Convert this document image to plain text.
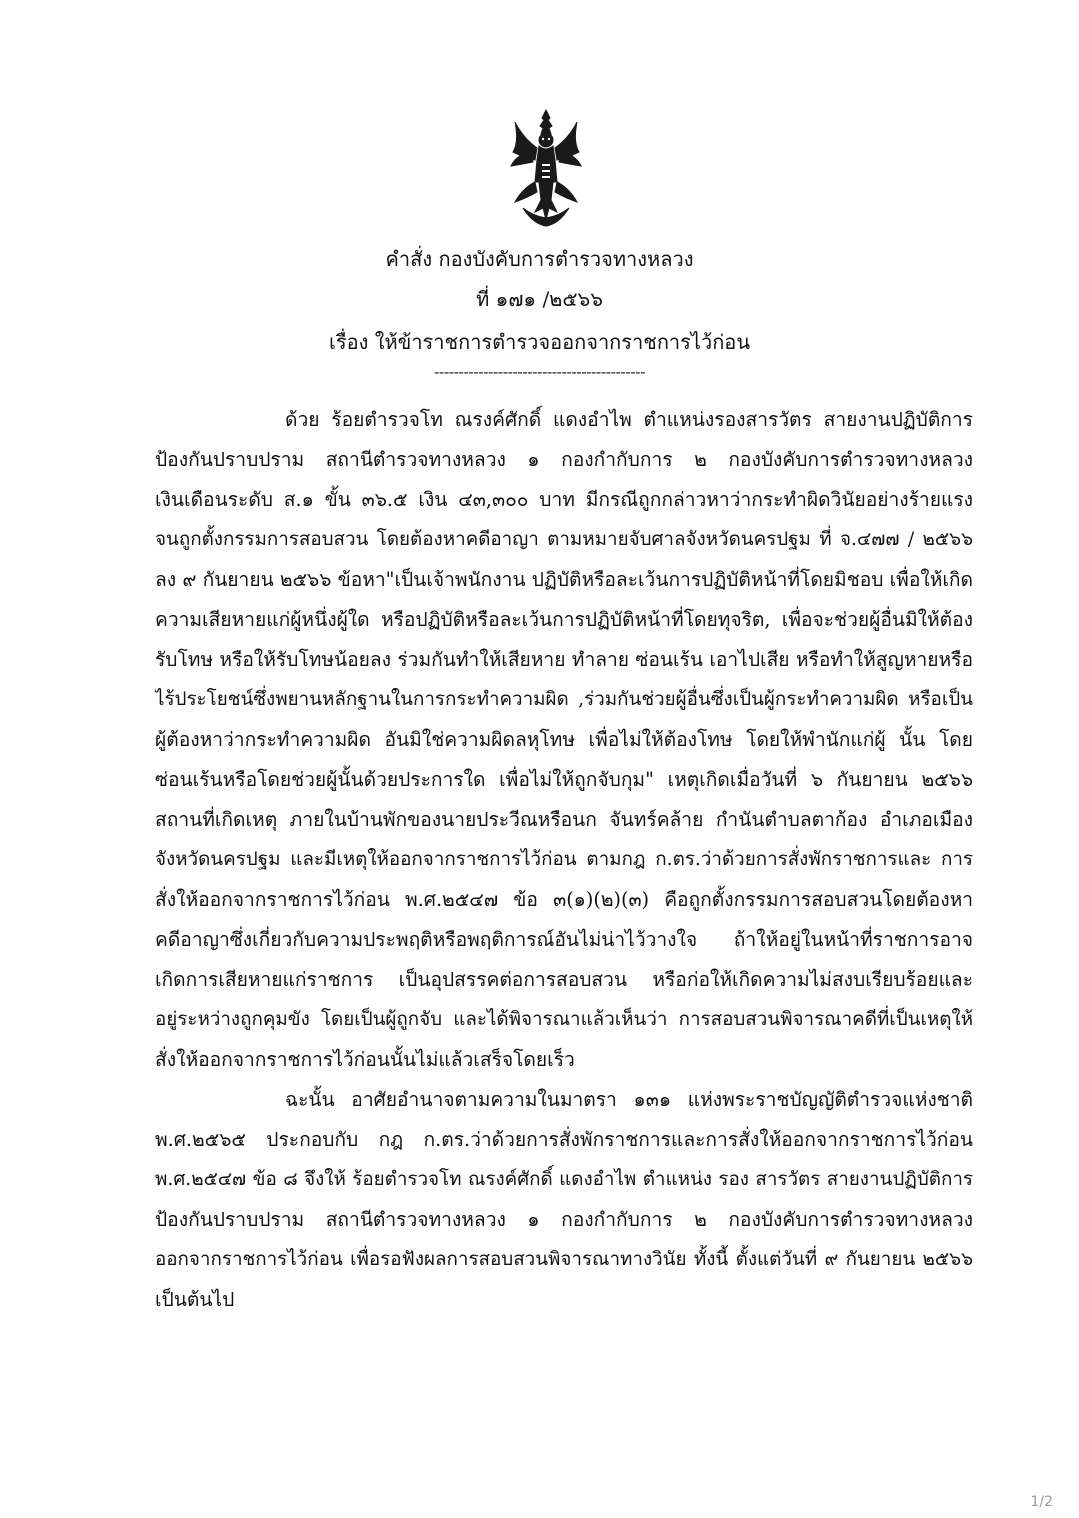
คำสั่ง กองบังคับการตำรวจทางหลวง
ที่ ๑๗๑ /๒๕๖๖
เรื่อง ให้ข้าราชการตำรวจออกจากราชการไว้ก่อน
-------------------------------------------
ด้วย ร้อยตำรวจโท ณรงค์ศักดิ์ แดงอำไพ ตำแหน่งรองสารวัตร สายงานปฏิบัติการ
ป้องกันปราบปราม สถานีตำรวจทางหลวง ๑ กองกำกับการ ๒ กองบังคับการตำรวจทางหลวง
เงินเดือนระดับ ส.๑ ขั้น ๓๖.๕ เงิน ๔๓,๓๐๐ บาท มีกรณีถูกกล่าวหาว่ากระทำผิดวินัยอย่างร้ายแรง
จนถูกตั้งกรรมการสอบสวน โดยต้องหาคดีอาญา ตามหมายจับศาลจังหวัดนครปฐม ที่ จ.๔๗๗ / ๒๕๖๖
ลง ๙ กันยายน ๒๕๖๖ ข้อหา"เป็นเจ้าพนักงาน ปฏิบัติหรือละเว้นการปฏิบัติหน้าที่โดยมิชอบ เพื่อให้เกิด
ความเสียหายแก่ผู้หนึ่งผู้ใด หรือปฏิบัติหรือละเว้นการปฏิบัติหน้าที่โดยทุจริต, เพื่อจะช่วยผู้อื่นมิให้ต้อง
รับโทษ หรือให้รับโทษน้อยลง ร่วมกันทำให้เสียหาย ทำลาย ซ่อนเร้น เอาไปเสีย หรือทำให้สูญหายหรือ
ไร้ประโยชน์ซึ่งพยานหลักฐานในการกระทำความผิด ,ร่วมกันช่วยผู้อื่นซึ่งเป็นผู้กระทำความผิด หรือเป็น
ผู้ต้องหาว่ากระทำความผิด อันมิใช่ความผิดลหุโทษ เพื่อไม่ให้ต้องโทษ โดยให้พำนักแก่ผู้ นั้น โดย
ซ่อนเร้นหรือโดยช่วยผู้นั้นด้วยประการใด เพื่อไม่ให้ถูกจับกุม" เหตุเกิดเมื่อวันที่ ๖ กันยายน ๒๕๖๖
สถานที่เกิดเหตุ ภายในบ้านพักของนายประวีณหรือนก จันทร์คล้าย กำนันตำบลตาก้อง อำเภอเมือง
จังหวัดนครปฐม และมีเหตุให้ออกจากราชการไว้ก่อน ตามกฎ ก.ตร.ว่าด้วยการสั่งพักราชการและ การ
สั่งให้ออกจากราชการไว้ก่อน พ.ศ.๒๕๔๗ ข้อ ๓(๑)(๒)(๓) คือถูกตั้งกรรมการสอบสวนโดยต้องหา
คดีอาญาซึ่งเกี่ยวกับความประพฤติหรือพฤติการณ์อันไม่น่าไว้วางใจ ถ้าให้อยู่ในหน้าที่ราชการอาจ
เกิดการเสียหายแก่ราชการ เป็นอุปสรรคต่อการสอบสวน หรือก่อให้เกิดความไม่สงบเรียบร้อยและ
อยู่ระหว่างถูกคุมขัง โดยเป็นผู้ถูกจับ และได้พิจารณาแล้วเห็นว่า การสอบสวนพิจารณาคดีที่เป็นเหตุให้
สั่งให้ออกจากราชการไว้ก่อนนั้นไม่แล้วเสร็จโดยเร็ว
ฉะนั้น อาศัยอำนาจตามความในมาตรา ๑๓๑ แห่งพระราชบัญญัติตำรวจแห่งชาติ
พ.ศ.๒๕๖๕ ประกอบกับ กฎ ก.ตร.ว่าด้วยการสั่งพักราชการและการสั่งให้ออกจากราชการไว้ก่อน
พ.ศ.๒๕๔๗ ข้อ ๘ จึงให้ ร้อยตำรวจโท ณรงค์ศักดิ์ แดงอำไพ ตำแหน่ง รอง สารวัตร สายงานปฏิบัติการ
ป้องกันปราบปราม สถานีตำรวจทางหลวง ๑ กองกำกับการ ๒ กองบังคับการตำรวจทางหลวง
ออกจากราชการไว้ก่อน เพื่อรอฟังผลการสอบสวนพิจารณาทางวินัย ทั้งนี้ ตั้งแต่วันที่ ๙ กันยายน ๒๕๖๖
เป็นต้นไป
1/2
